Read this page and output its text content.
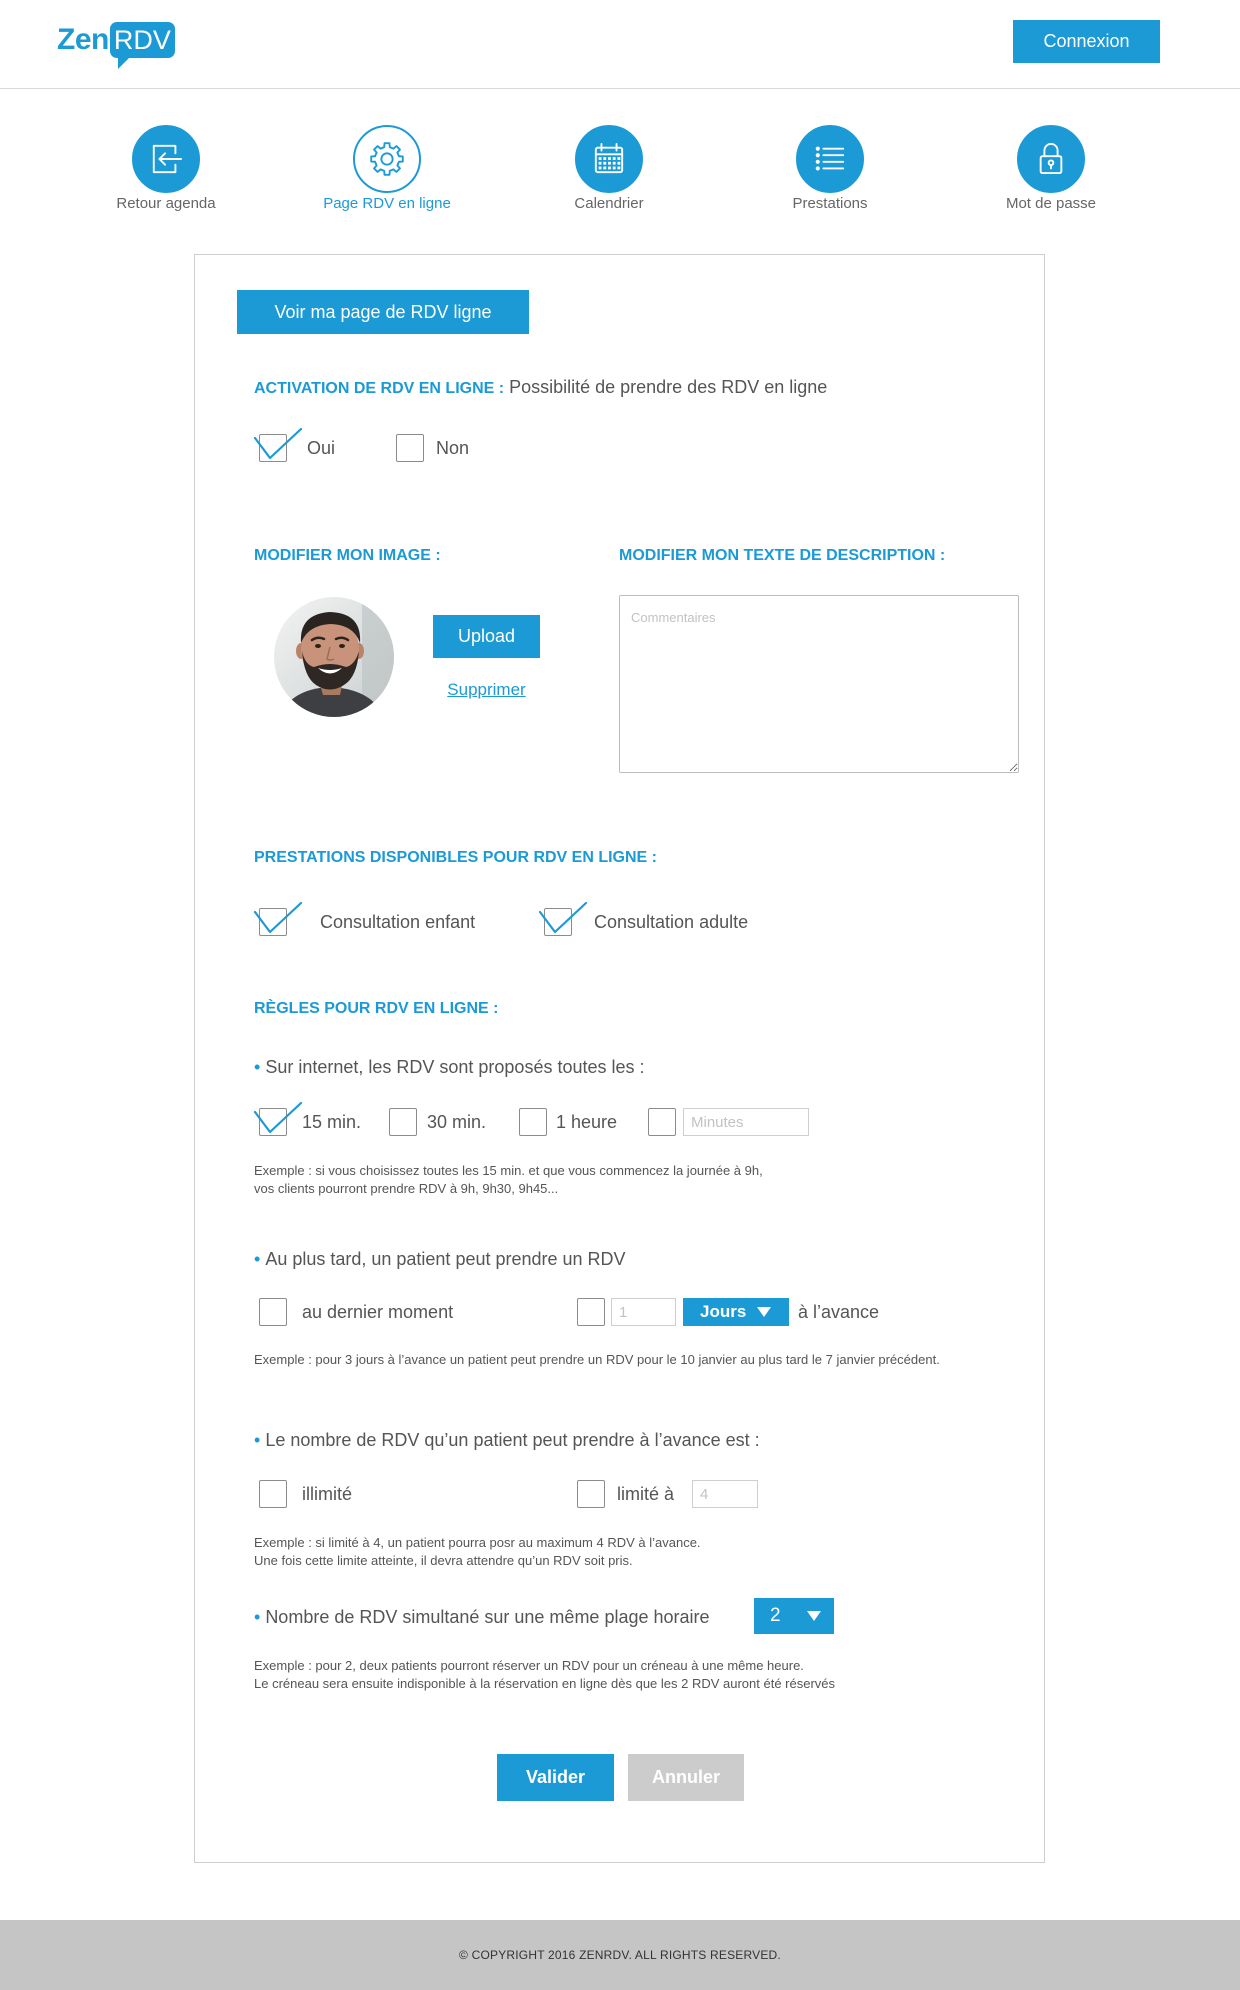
Zen RDV	Connexion
Retour agenda	Page RDV en ligne	Calendrier	Prestations	Mot de passe
Voir ma page de RDV ligne
ACTIVATION DE RDV EN LIGNE : Possibilité de prendre des RDV en ligne
Oui	Non
MODIFIER MON IMAGE :
Upload
Supprimer
MODIFIER MON TEXTE DE DESCRIPTION :
Commentaires
PRESTATIONS DISPONIBLES POUR RDV EN LIGNE :
Consultation enfant	Consultation adulte
RÈGLES POUR RDV EN LIGNE :
• Sur internet, les RDV sont proposés toutes les :
15 min.	30 min.	1 heure
Minutes
Exemple : si vous choisissez toutes les 15 min. et que vous commencez la journée à 9h,
vos clients pourront prendre RDV à 9h, 9h30, 9h45...
• Au plus tard, un patient peut prendre un RDV
au dernier moment
1	Jours	à l’avance
Exemple : pour 3 jours à l’avance un patient peut prendre un RDV pour le 10 janvier au plus tard le 7 janvier précédent.
• Le nombre de RDV qu’un patient peut prendre à l’avance est :
illimité	limité à
4
Exemple : si limité à 4, un patient pourra posr au maximum 4 RDV à l’avance.
Une fois cette limite atteinte, il devra attendre qu’un RDV soit pris.
• Nombre de RDV simultané sur une même plage horaire	2
Exemple : pour 2, deux patients pourront réserver un RDV pour un créneau à une même heure.
Le créneau sera ensuite indisponible à la réservation en ligne dès que les 2 RDV auront été réservés
Valider	Annuler
© COPYRIGHT 2016 ZENRDV. ALL RIGHTS RESERVED.
